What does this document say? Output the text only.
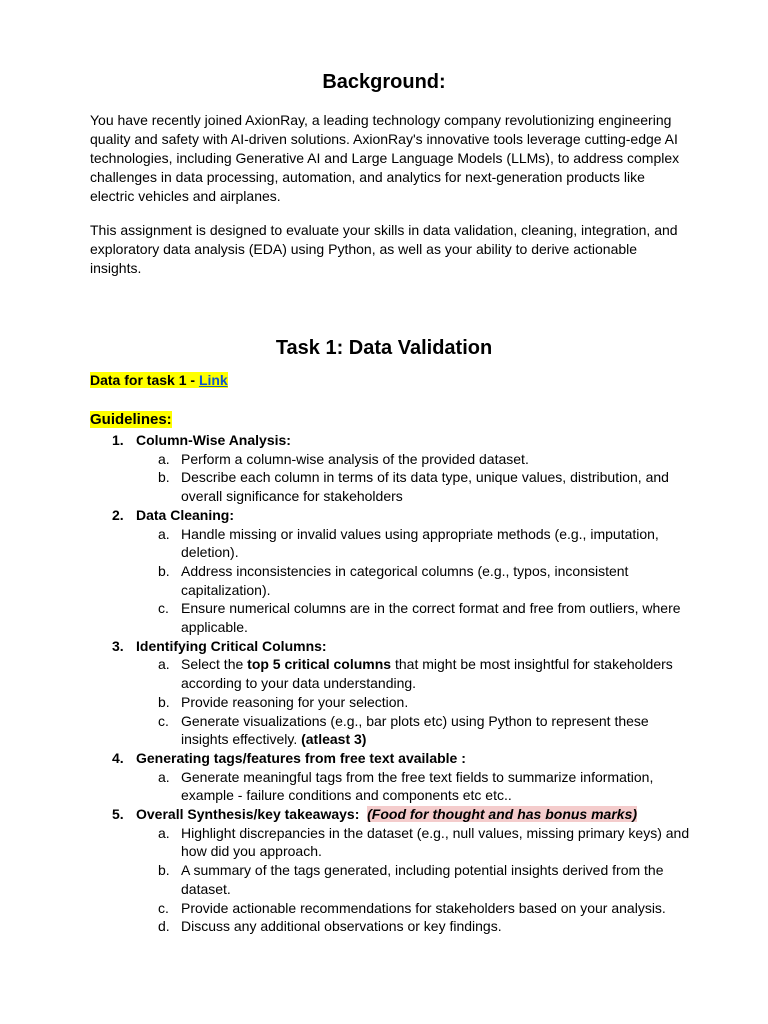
Background:

You have recently joined AxionRay, a leading technology company revolutionizing engineering quality and safety with AI-driven solutions. AxionRay's innovative tools leverage cutting-edge AI technologies, including Generative AI and Large Language Models (LLMs), to address complex challenges in data processing, automation, and analytics for next-generation products like electric vehicles and airplanes.

This assignment is designed to evaluate your skills in data validation, cleaning, integration, and exploratory data analysis (EDA) using Python, as well as your ability to derive actionable insights.

Task 1: Data Validation

Data for task 1 - Link

Guidelines:

1. Column-Wise Analysis:
a. Perform a column-wise analysis of the provided dataset.
b. Describe each column in terms of its data type, unique values, distribution, and overall significance for stakeholders
2. Data Cleaning:
a. Handle missing or invalid values using appropriate methods (e.g., imputation, deletion).
b. Address inconsistencies in categorical columns (e.g., typos, inconsistent capitalization).
c. Ensure numerical columns are in the correct format and free from outliers, where applicable.
3. Identifying Critical Columns:
a. Select the top 5 critical columns that might be most insightful for stakeholders according to your data understanding.
b. Provide reasoning for your selection.
c. Generate visualizations (e.g., bar plots etc) using Python to represent these insights effectively. (atleast 3)
4. Generating tags/features from free text available :
a. Generate meaningful tags from the free text fields to summarize information, example - failure conditions and components etc etc..
5. Overall Synthesis/key takeaways: (Food for thought and has bonus marks)
a. Highlight discrepancies in the dataset (e.g., null values, missing primary keys) and how did you approach.
b. A summary of the tags generated, including potential insights derived from the dataset.
c. Provide actionable recommendations for stakeholders based on your analysis.
d. Discuss any additional observations or key findings.
